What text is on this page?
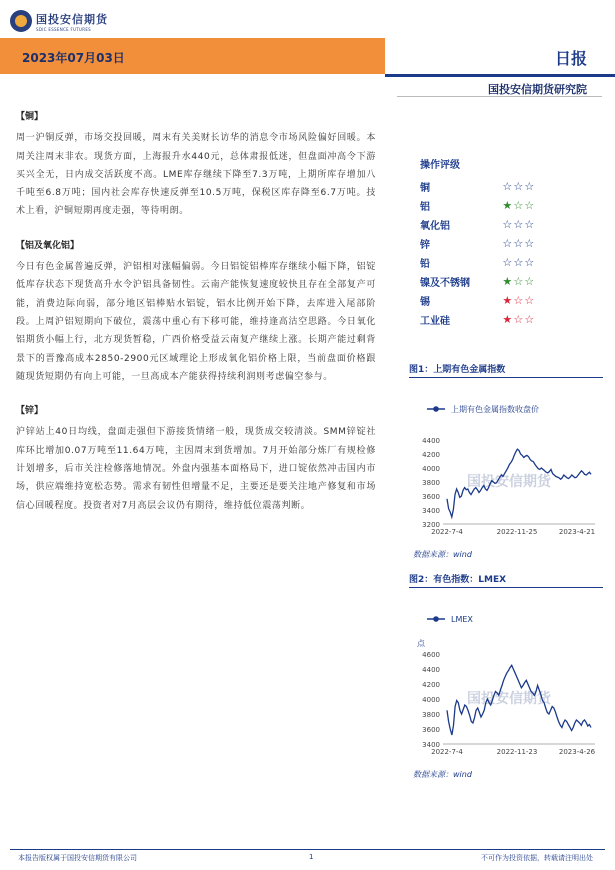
国投安信期货
SDIC ESSENCE FUTURES
2023年07月03日	日报
国投安信期货研究院
【铜】
周一沪铜反弹，市场交投回暖，周末有关美财长访华的消息令市场风险偏好回暖。本周关注周末非农。现货方面，上海报升水440元，总体肃报低迷，但盘面冲高令下游买兴全无，日内成交活跃度不高。LME库存继续下降至7.3万吨，上期所库存增加八千吨至6.8万吨；国内社会库存快速反弹至10.5万吨，保税区库存降至6.7万吨。技术上看，沪铜短期再度走强，等待明朗。
【铝及氧化铝】
今日有色金属普遍反弹，沪铝相对涨幅偏弱。今日铝锭铝棒库存继续小幅下降，铝锭低库存状态下现货高升水令沪铝具备韧性。云南产能恢复速度较快且存在全部复产可能，消费边际向弱，部分地区铝棒贴水铝锭，铝水比例开始下降，去库进入尾部阶段。上周沪铝短期向下破位，震荡中重心有下移可能，维持逢高沽空思路。今日氧化铝期货小幅上行，北方现货暂稳，广西价格受益云南复产继续上涨。长期产能过剩背景下的晋豫高成本2850-2900元区域理论上形成氧化铝价格上限，当前盘面价格跟随现货短期仍有向上可能，一旦高成本产能获得持续利润则考虑偏空参与。
【锌】
沪锌站上40日均线，盘面走强但下游接货情绪一般，现货成交较清淡。SMM锌锭社库环比增加0.07万吨至11.64万吨，主因周末到货增加。7月开始部分炼厂有规检修计划增多，后市关注检修落地情况。外盘内强基本面格局下，进口锭依然冲击国内市场，供应端维持宽松态势。需求有韧性但增量不足，主要还是要关注地产修复和市场信心回暖程度。投资者对7月高层会议仍有期待，维持低位震荡判断。
操作评级
铜	☆ ☆ ☆
铝	★ ☆ ☆
氧化铝	☆ ☆ ☆
锌	☆ ☆ ☆
铅	☆ ☆ ☆
镍及不锈钢	★ ☆ ☆
锡	★ ☆ ☆
工业硅	★ ☆ ☆
图1：上期有色金属指数
国投安信期货
上期有色金属指数收盘价
3200
3400
3600
3800
4000
4200
4400
2022-7-4	2022-11-25	2023-4-21
数据来源：wind
图2：有色指数：LMEX
国投安信期货
LMEX
点
3400
3600
3800
4000
4200
4400
4600
2022-7-4	2022-11-23	2023-4-26
数据来源：wind
本报告版权属于国投安信期货有限公司	1	不可作为投资依据，转载请注明出处
